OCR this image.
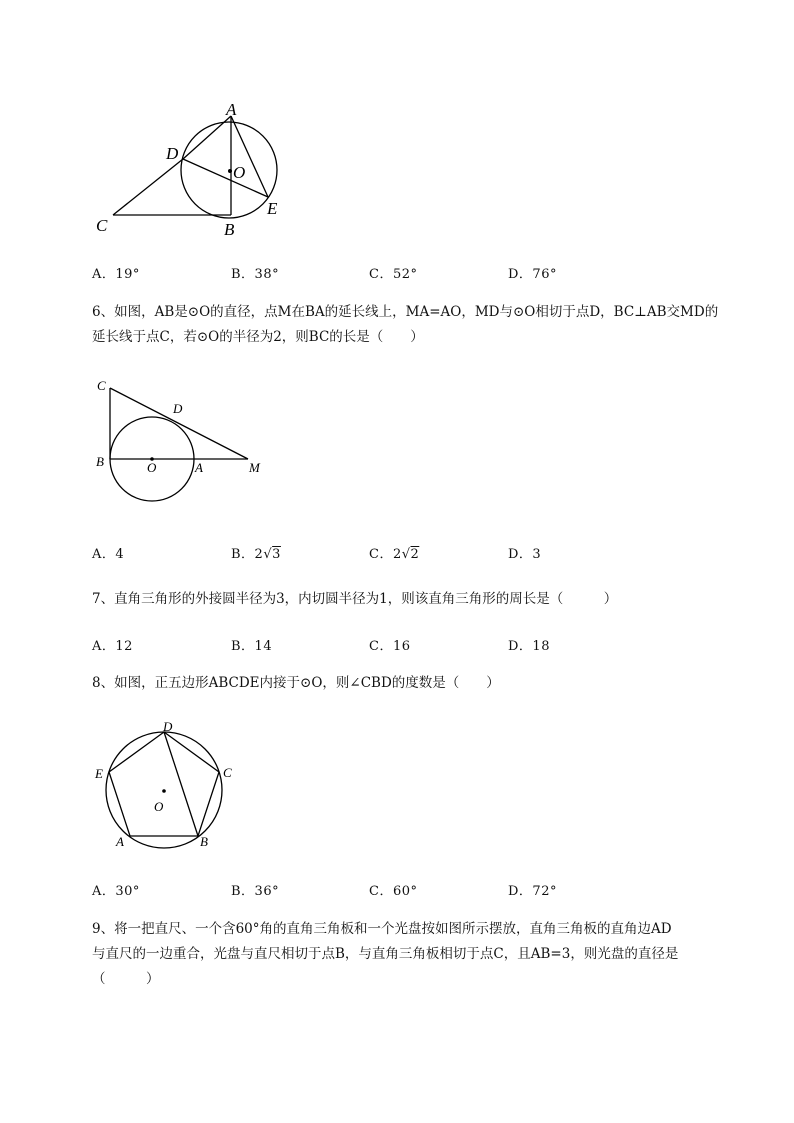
A
D
O
E
C	B
A．19°	B．38°	C．52°	D．76°
6、如图，AB是⊙O的直径，点M在BA的延长线上，MA=AO，MD与⊙O相切于点D，BC⊥AB交MD的
延长线于点C，若⊙O的半径为2，则BC的长是（　　）
C
D
B	O	A	M
A．4	B．2√3	C．2√2	D．3
7、直角三角形的外接圆半径为3，内切圆半径为1，则该直角三角形的周长是（　　　）
A．12	B．14	C．16	D．18
8、如图，正五边形ABCDE内接于⊙O，则∠CBD的度数是（　　）
D
E	C
O
A	B
A．30°	B．36°	C．60°	D．72°
9、将一把直尺、一个含60°角的直角三角板和一个光盘按如图所示摆放，直角三角板的直角边AD
与直尺的一边重合，光盘与直尺相切于点B，与直角三角板相切于点C，且AB=3，则光盘的直径是
（　　　）
